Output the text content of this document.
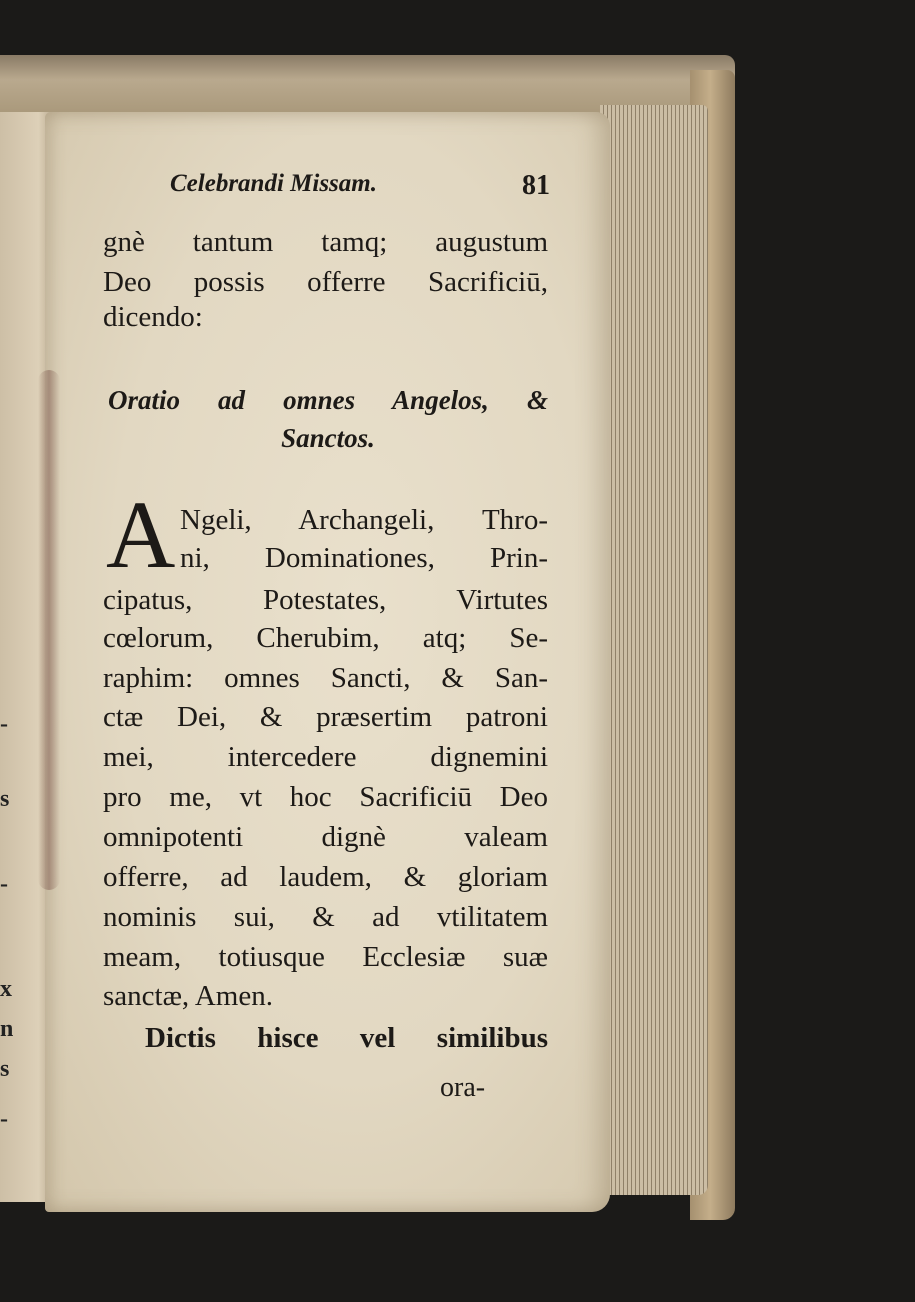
-
s
-
x
n
s
-
Celebrandi Missam.	81
gnè tantum tamq; augustum
Deo possis offerre Sacrificiū,
dicendo:
Oratio ad omnes Angelos, &
Sanctos.
A Ngeli, Archangeli, Thro-
ni, Dominationes, Prin-
cipatus, Potestates, Virtutes
cœlorum, Cherubim, atq; Se-
raphim: omnes Sancti, & San-
ctæ Dei, & præsertim patroni
mei, intercedere dignemini
pro me, vt hoc Sacrificiū Deo
omnipotenti dignè valeam
offerre, ad laudem, & gloriam
nominis sui, & ad vtilitatem
meam, totiusque Ecclesiæ suæ
sanctæ, Amen.
Dictis hisce vel similibus
ora-
